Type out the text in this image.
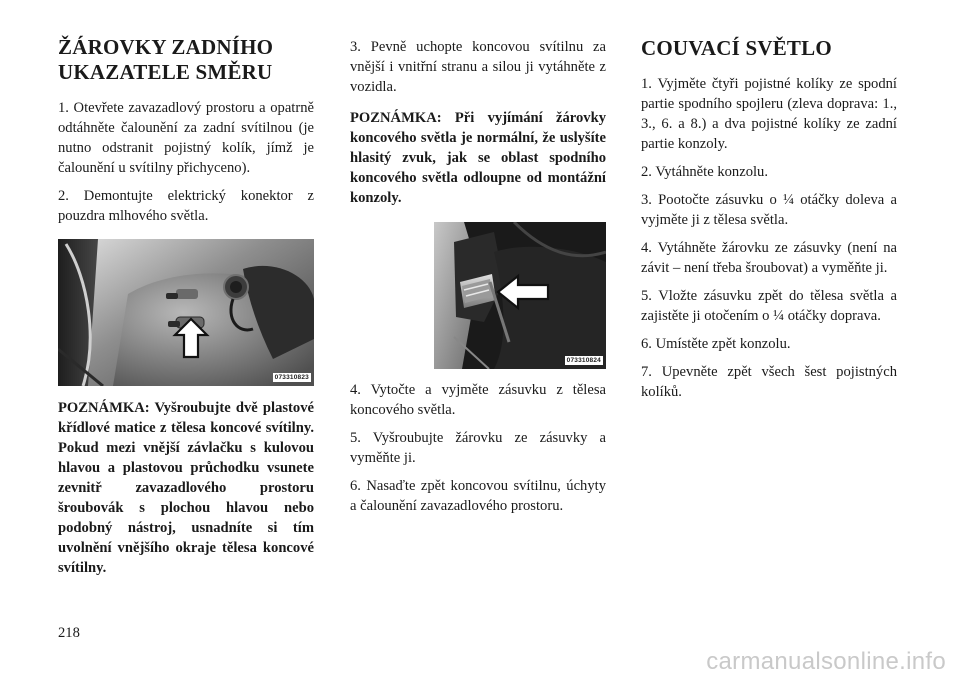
ŽÁROVKY ZADNÍHO UKAZATELE SMĚRU

1. Otevřete zavazadlový prostoru a opatrně odtáhněte čalounění za zadní svítilnou (je nutno odstranit pojistný kolík, jímž je čalounění u svítilny přichyceno).

2. Demontujte elektrický konektor z pouzdra mlhového světla.

073310823

POZNÁMKA: Vyšroubujte dvě plastové křídlové matice z tělesa koncové svítilny. Pokud mezi vnější závlačku s kulovou hlavou a plastovou průchodku vsunete zevnitř zavazadlového prostoru šroubovák s plochou hlavou nebo podobný nástroj, usnadníte si tím uvolnění vnějšího okraje tělesa koncové svítilny.

3. Pevně uchopte koncovou svítilnu za vnější i vnitřní stranu a silou ji vytáhněte z vozidla.

POZNÁMKA: Při vyjímání žárovky koncového světla je normální, že uslyšíte hlasitý zvuk, jak se oblast spodního koncového světla odloupne od montážní konzoly.

073310824

4. Vytočte a vyjměte zásuvku z tělesa koncového světla.

5. Vyšroubujte žárovku ze zásuvky a vyměňte ji.

6. Nasaďte zpět koncovou svítilnu, úchyty a čalounění zavazadlového prostoru.

COUVACÍ SVĚTLO

1. Vyjměte čtyři pojistné kolíky ze spodní partie spodního spojleru (zleva doprava: 1., 3., 6. a 8.) a dva pojistné kolíky ze zadní partie konzoly.

2. Vytáhněte konzolu.

3. Pootočte zásuvku o ¼ otáčky doleva a vyjměte ji z tělesa světla.

4. Vytáhněte žárovku ze zásuvky (není na závit – není třeba šroubovat) a vyměňte ji.

5. Vložte zásuvku zpět do tělesa světla a zajistěte ji otočením o ¼ otáčky doprava.

6. Umístěte zpět konzolu.

7. Upevněte zpět všech šest pojistných kolíků.

218
carmanualsonline.info
